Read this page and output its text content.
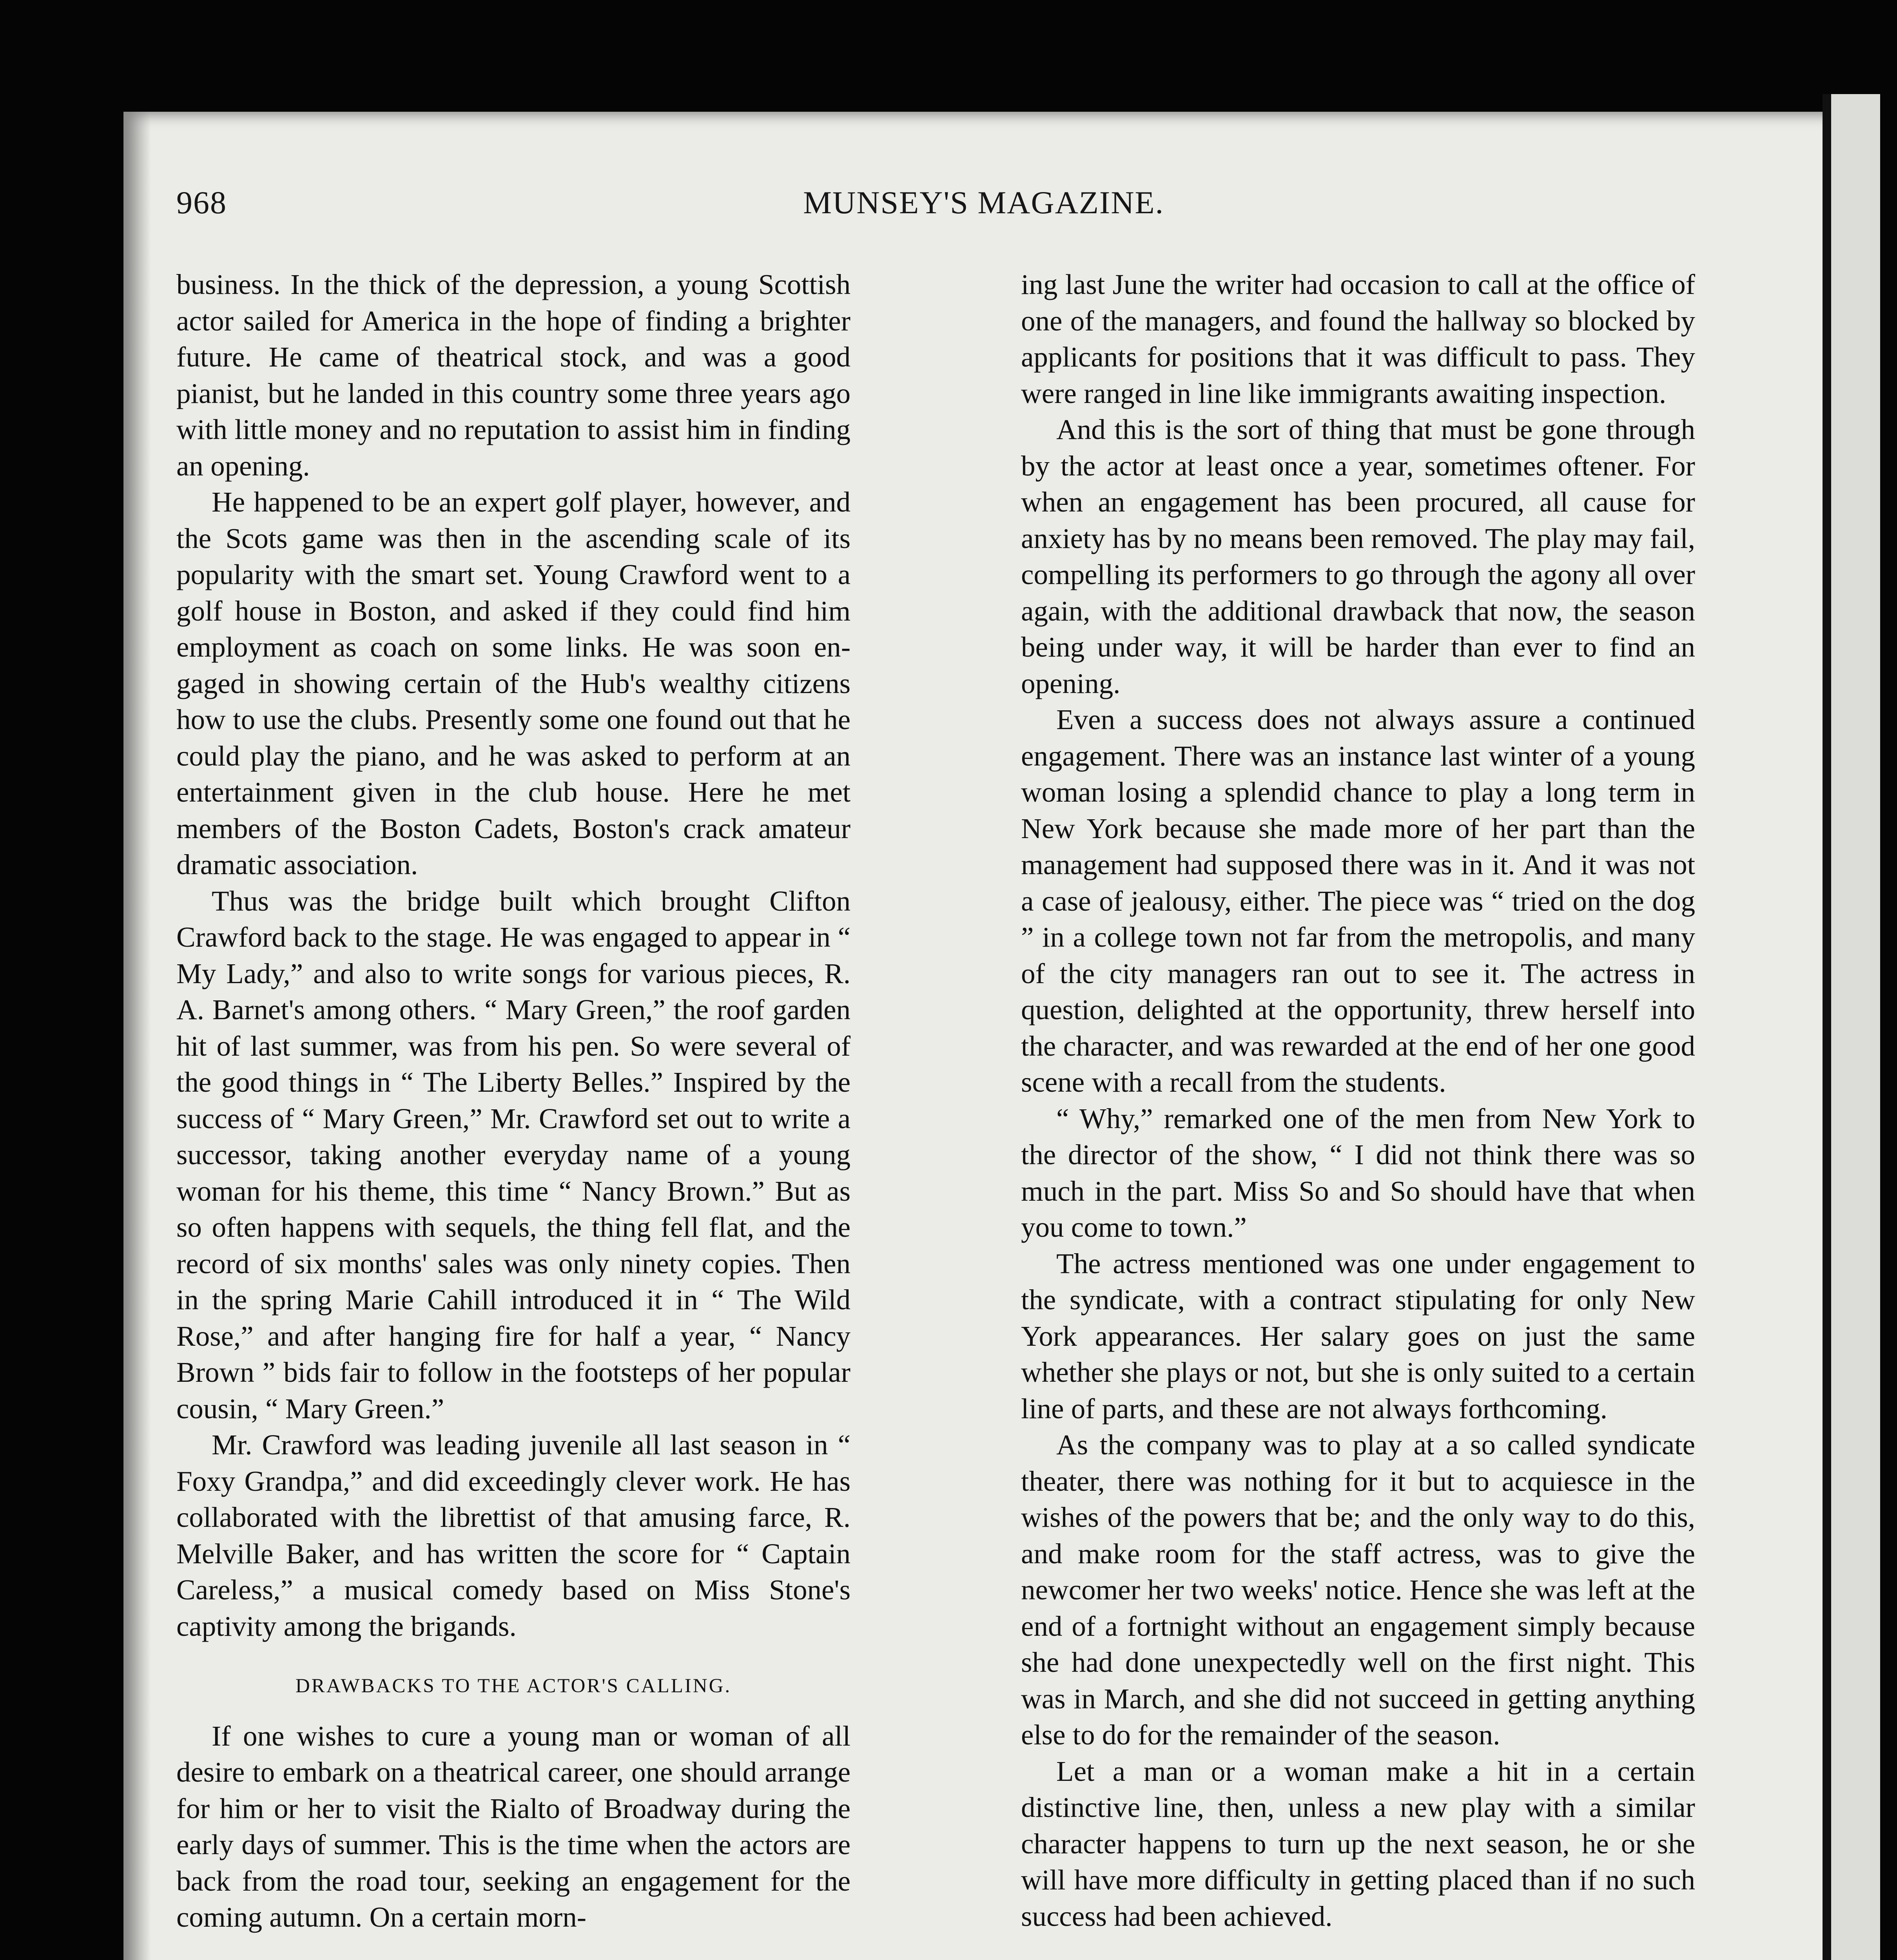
968	MUNSEY'S MAGAZINE.

business. In the thick of the depression, a young Scottish actor sailed for America in the hope of finding a brighter future. He came of theatrical stock, and was a good pianist, but he landed in this country some three years ago with little money and no reputation to assist him in finding an opening.

He happened to be an expert golf player, however, and the Scots game was then in the ascending scale of its popularity with the smart set. Young Crawford went to a golf house in Boston, and asked if they could find him employment as coach on some links. He was soon engaged in showing certain of the Hub's wealthy citizens how to use the clubs. Presently some one found out that he could play the piano, and he was asked to perform at an entertainment given in the club house. Here he met members of the Boston Cadets, Boston's crack amateur dramatic association.

Thus was the bridge built which brought Clifton Crawford back to the stage. He was engaged to appear in “ My Lady,” and also to write songs for various pieces, R. A. Barnet's among others. “ Mary Green,” the roof garden hit of last summer, was from his pen. So were several of the good things in “ The Liberty Belles.” Inspired by the success of “ Mary Green,” Mr. Crawford set out to write a successor, taking another everyday name of a young woman for his theme, this time “ Nancy Brown.” But as so often happens with sequels, the thing fell flat, and the record of six months' sales was only ninety copies. Then in the spring Marie Cahill introduced it in “ The Wild Rose,” and after hanging fire for half a year, “ Nancy Brown ” bids fair to follow in the footsteps of her popular cousin, “ Mary Green.”

Mr. Crawford was leading juvenile all last season in “ Foxy Grandpa,” and did exceedingly clever work. He has collaborated with the librettist of that amusing farce, R. Melville Baker, and has written the score for “ Captain Careless,” a musical comedy based on Miss Stone's captivity among the brigands.

DRAWBACKS TO THE ACTOR'S CALLING.

If one wishes to cure a young man or woman of all desire to embark on a theatrical career, one should arrange for him or her to visit the Rialto of Broadway during the early days of summer. This is the time when the actors are back from the road tour, seeking an engagement for the coming autumn. On a certain morn-

ing last June the writer had occasion to call at the office of one of the managers, and found the hallway so blocked by applicants for positions that it was difficult to pass. They were ranged in line like immigrants awaiting inspection.

And this is the sort of thing that must be gone through by the actor at least once a year, sometimes oftener. For when an engagement has been procured, all cause for anxiety has by no means been removed. The play may fail, compelling its performers to go through the agony all over again, with the additional drawback that now, the season being under way, it will be harder than ever to find an opening.

Even a success does not always assure a continued engagement. There was an instance last winter of a young woman losing a splendid chance to play a long term in New York because she made more of her part than the management had supposed there was in it. And it was not a case of jealousy, either. The piece was “ tried on the dog ” in a college town not far from the metropolis, and many of the city managers ran out to see it. The actress in question, delighted at the opportunity, threw herself into the character, and was rewarded at the end of her one good scene with a recall from the students.

“ Why,” remarked one of the men from New York to the director of the show, “ I did not think there was so much in the part. Miss So and So should have that when you come to town.”

The actress mentioned was one under engagement to the syndicate, with a contract stipulating for only New York appearances. Her salary goes on just the same whether she plays or not, but she is only suited to a certain line of parts, and these are not always forthcoming.

As the company was to play at a so called syndicate theater, there was nothing for it but to acquiesce in the wishes of the powers that be; and the only way to do this, and make room for the staff actress, was to give the newcomer her two weeks' notice. Hence she was left at the end of a fortnight without an engagement simply because she had done unexpectedly well on the first night. This was in March, and she did not succeed in getting anything else to do for the remainder of the season.

Let a man or a woman make a hit in a certain distinctive line, then, unless a new play with a similar character happens to turn up the next season, he or she will have more difficulty in getting placed than if no such success had been achieved.
